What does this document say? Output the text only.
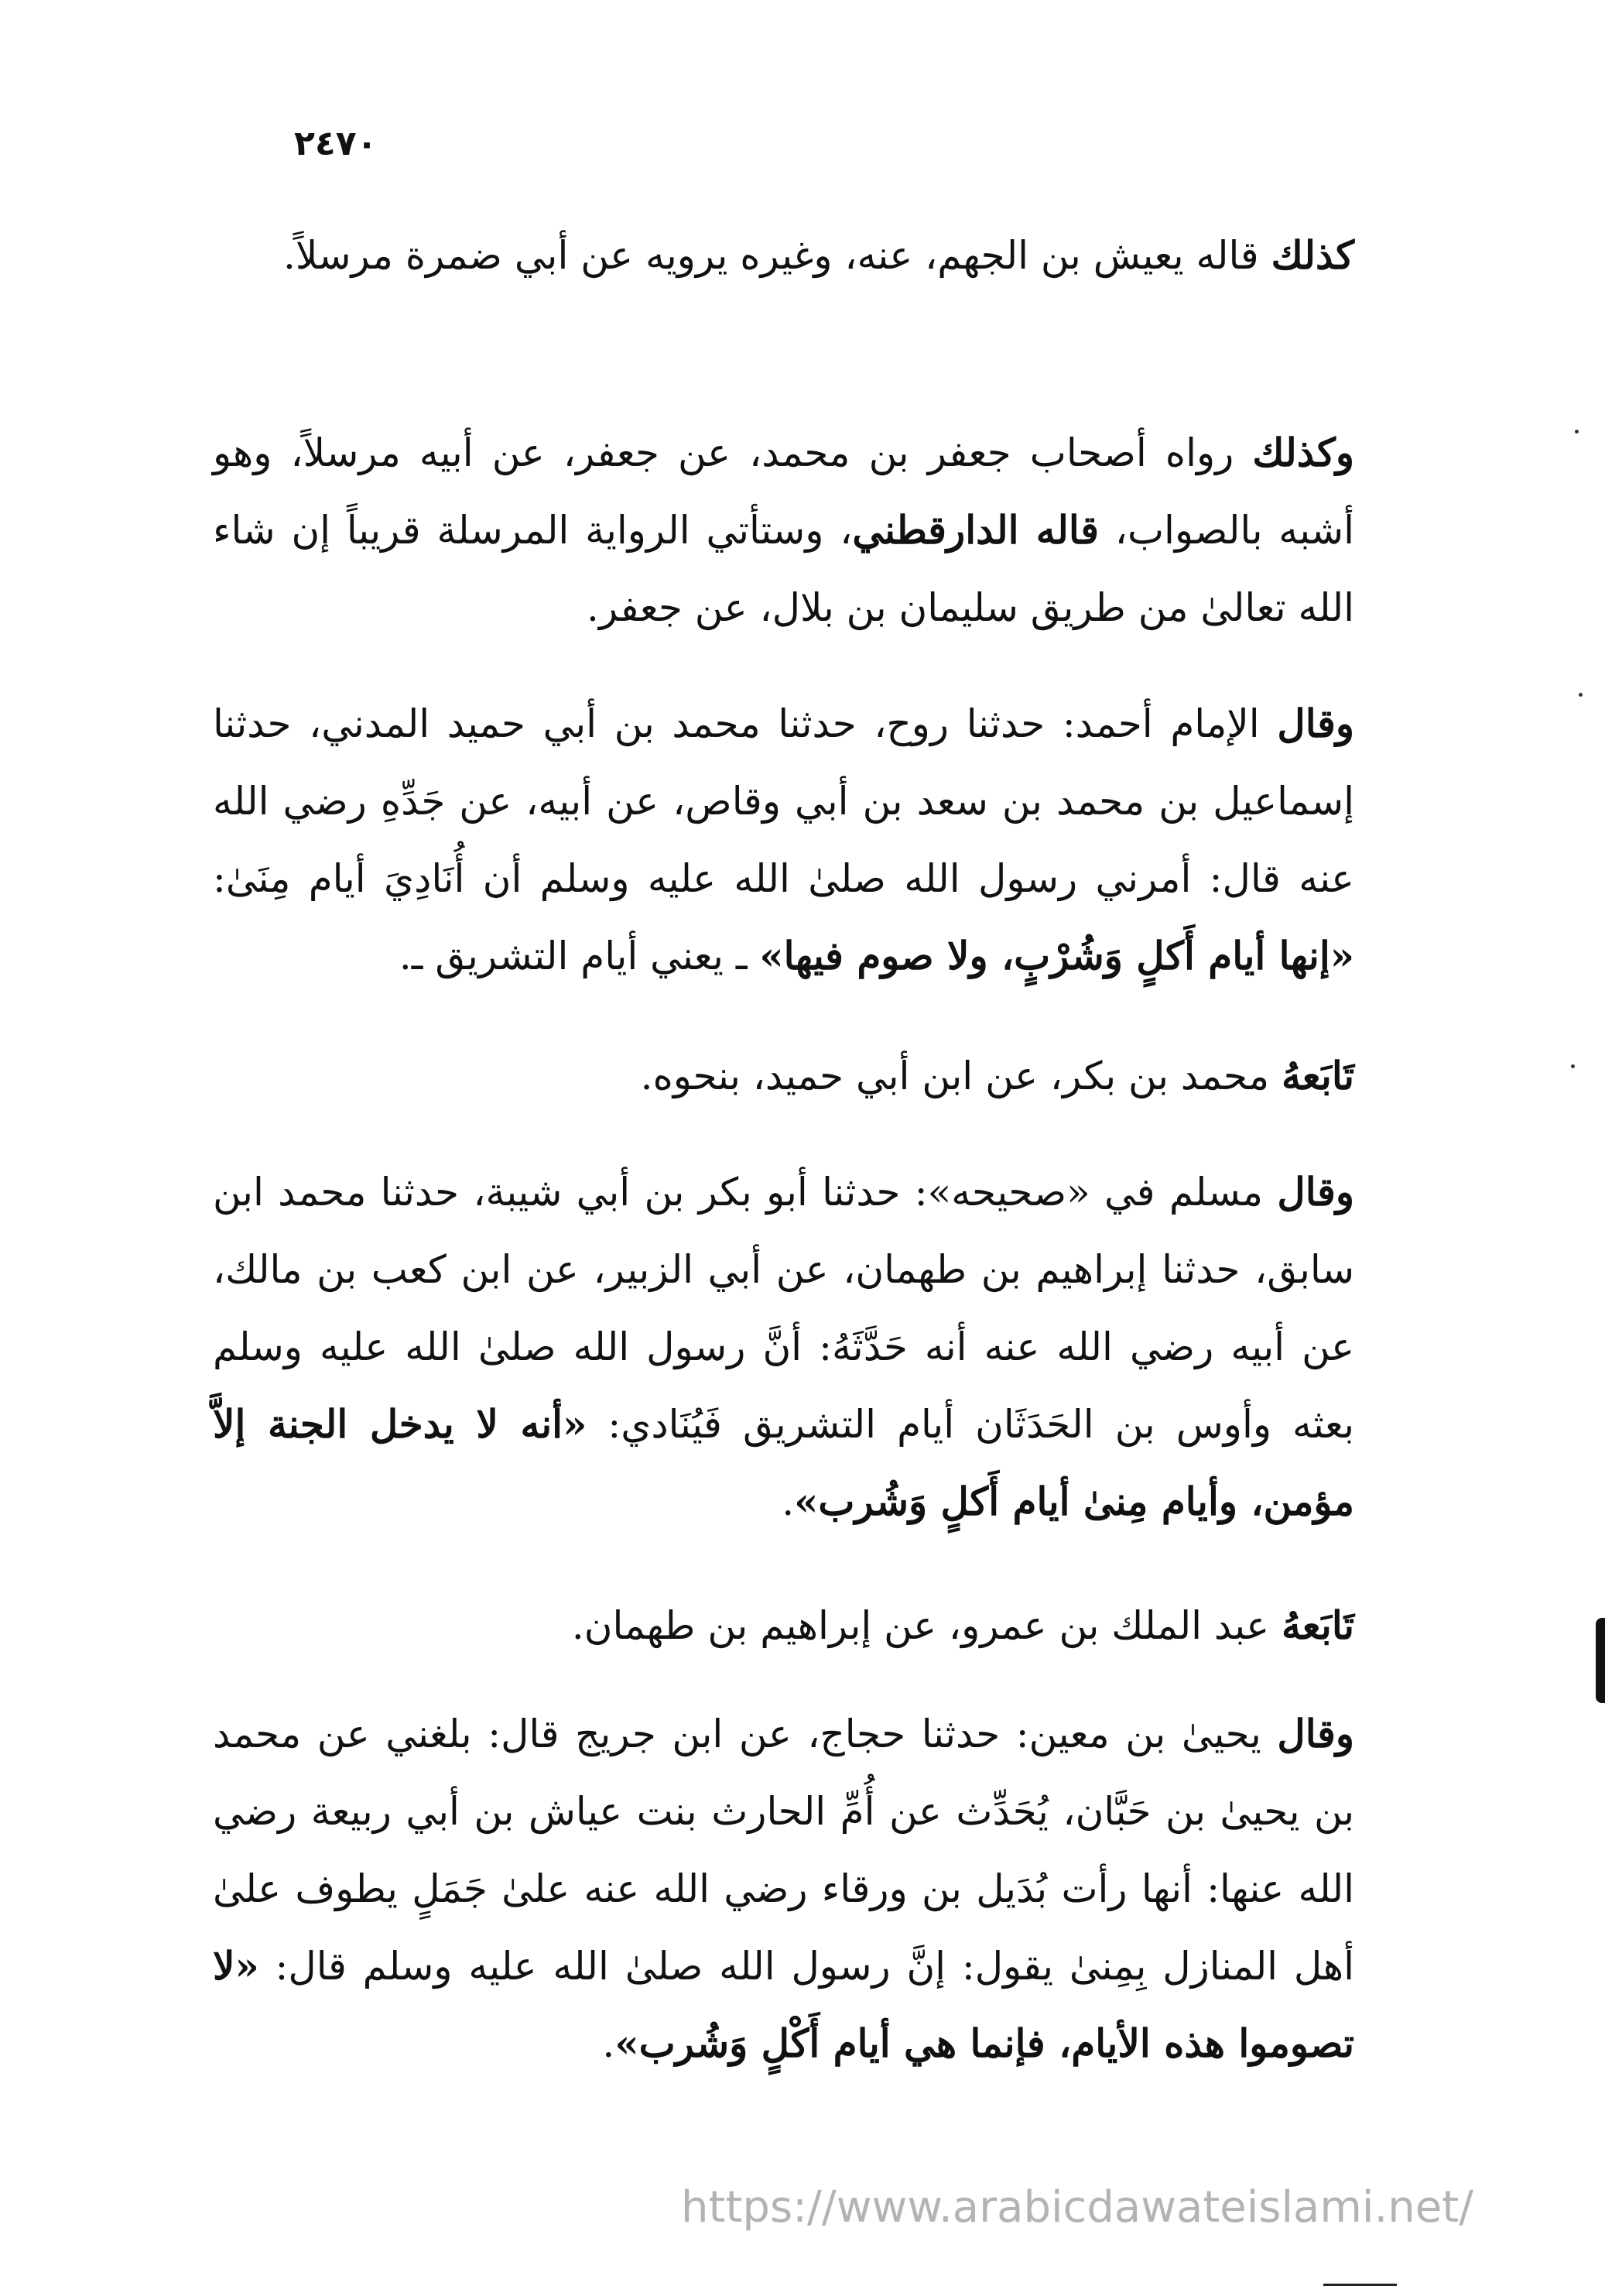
٢٤٧٠

كذلك قاله يعيش بن الجهم، عنه، وغيره يرويه عن أبي ضمرة مرسلاً.

وكذلك رواه أصحاب جعفر بن محمد، عن جعفر، عن أبيه مرسلاً، وهو أشبه بالصواب، قاله الدارقطني، وستأتي الرواية المرسلة قريباً إن شاء الله تعالىٰ من طريق سليمان بن بلال، عن جعفر.

وقال الإمام أحمد: حدثنا روح، حدثنا محمد بن أبي حميد المدني، حدثنا إسماعيل بن محمد بن سعد بن أبي وقاص، عن أبيه، عن جَدِّهِ رضي الله عنه قال: أمرني رسول الله صلىٰ الله عليه وسلم أن أُنَادِيَ أيام مِنَىٰ: «إنها أيام أَكلٍ وَشُرْبٍ، ولا صوم فيها» ـ يعني أيام التشريق ـ.

تَابَعهُ محمد بن بكر، عن ابن أبي حميد، بنحوه.

وقال مسلم في «صحيحه»: حدثنا أبو بكر بن أبي شيبة، حدثنا محمد ابن سابق، حدثنا إبراهيم بن طهمان، عن أبي الزبير، عن ابن كعب بن مالك، عن أبيه رضي الله عنه أنه حَدَّثَهُ: أنَّ رسول الله صلىٰ الله عليه وسلم بعثه وأوس بن الحَدَثَان أيام التشريق فَيُنَادي: «أنه لا يدخل الجنة إلاَّ مؤمن، وأيام مِنىٰ أيام أَكلٍ وَشُرب».

تَابَعهُ عبد الملك بن عمرو، عن إبراهيم بن طهمان.

وقال يحيىٰ بن معين: حدثنا حجاج، عن ابن جريج قال: بلغني عن محمد بن يحيىٰ بن حَبَّان، يُحَدِّث عن أُمِّ الحارث بنت عياش بن أبي ربيعة رضي الله عنها: أنها رأت بُدَيل بن ورقاء رضي الله عنه علىٰ جَمَلٍ يطوف علىٰ أهل المنازل بِمِنىٰ يقول: إنَّ رسول الله صلىٰ الله عليه وسلم قال: «لا تصوموا هذه الأيام، فإنما هي أيام أَكْلٍ وَشُرب».

https://www.arabicdawateislami.net/
